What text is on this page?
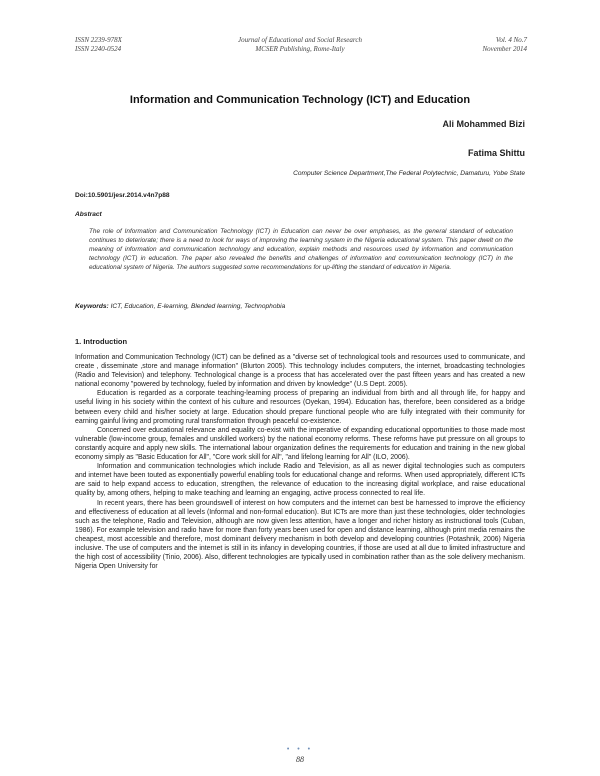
ISSN 2239-978X
ISSN 2240-0524
Journal of Educational and Social Research
MCSER Publishing, Rome-Italy
Vol. 4 No.7
November 2014
Information and Communication Technology (ICT) and Education
Ali Mohammed Bizi
Fatima Shittu
Computer Science Department,The Federal Polytechnic, Damaturu, Yobe State
Doi:10.5901/jesr.2014.v4n7p88
Abstract
The role of Information and Communication Technology (ICT) in Education can never be over emphases, as the general standard of education continues to deteriorate; there is a need to look for ways of improving the learning system in the Nigeria educational system. This paper dwelt on the meaning of information and communication technology and education, explain methods and resources used by information and communication technology (ICT) in education. The paper also revealed the benefits and challenges of information and communication technology (ICT) in the educational system of Nigeria. The authors suggested some recommendations for up-lifting the standard of education in Nigeria.
Keywords: ICT, Education, E-learning, Blended learning, Technophobia
1. Introduction

Information and Communication Technology (ICT) can be defined as a "diverse set of technological tools and resources used to communicate, and create , disseminate ,store and manage information" (Blurton 2005). This technology includes computers, the internet, broadcasting technologies (Radio and Television) and telephony. Technological change is a process that has accelerated over the past fifteen years and has created a new national economy "powered by technology, fueled by information and driven by knowledge" (U.S Dept. 2005).

Education is regarded as a corporate teaching-learning process of preparing an individual from birth and all through life, for happy and useful living in his society within the context of his culture and resources (Oyekan, 1994). Education has, therefore, been considered as a bridge between every child and his/her society at large. Education should prepare functional people who are fully integrated with their community for earning gainful living and promoting rural transformation through peaceful co-existence.

Concerned over educational relevance and equality co-exist with the imperative of expanding educational opportunities to those made most vulnerable (low-income group, females and unskilled workers) by the national economy reforms. These reforms have put pressure on all groups to constantly acquire and apply new skills. The international labour organization defines the requirements for education and training in the new global economy simply as "Basic Education for All", "Core work skill for All", "and lifelong learning for All" (ILO, 2006).

Information and communication technologies which include Radio and Television, as all as newer digital technologies such as computers and internet have been touted as exponentially powerful enabling tools for educational change and reforms. When used appropriately, different ICTs are said to help expand access to education, strengthen, the relevance of education to the increasing digital workplace, and raise educational quality by, among others, helping to make teaching and learning an engaging, active process connected to real life.

In recent years, there has been groundswell of interest on how computers and the internet can best be harnessed to improve the efficiency and effectiveness of education at all levels (Informal and non-formal education). But ICTs are more than just these technologies, older technologies such as the telephone, Radio and Television, although are now given less attention, have a longer and richer history as instructional tools (Cuban, 1986). For example television and radio have for more than forty years been used for open and distance learning, although print media remains the cheapest, most accessible and therefore, most dominant delivery mechanism in both develop and developing countries (Potashnik, 2006) Nigeria inclusive. The use of computers and the internet is still in its infancy in developing countries, if those are used at all due to limited infrastructure and the high cost of accessibility (Tinio, 2006). Also, different technologies are typically used in combination rather than as the sole delivery mechanism. Nigeria Open University for

• • •
88
